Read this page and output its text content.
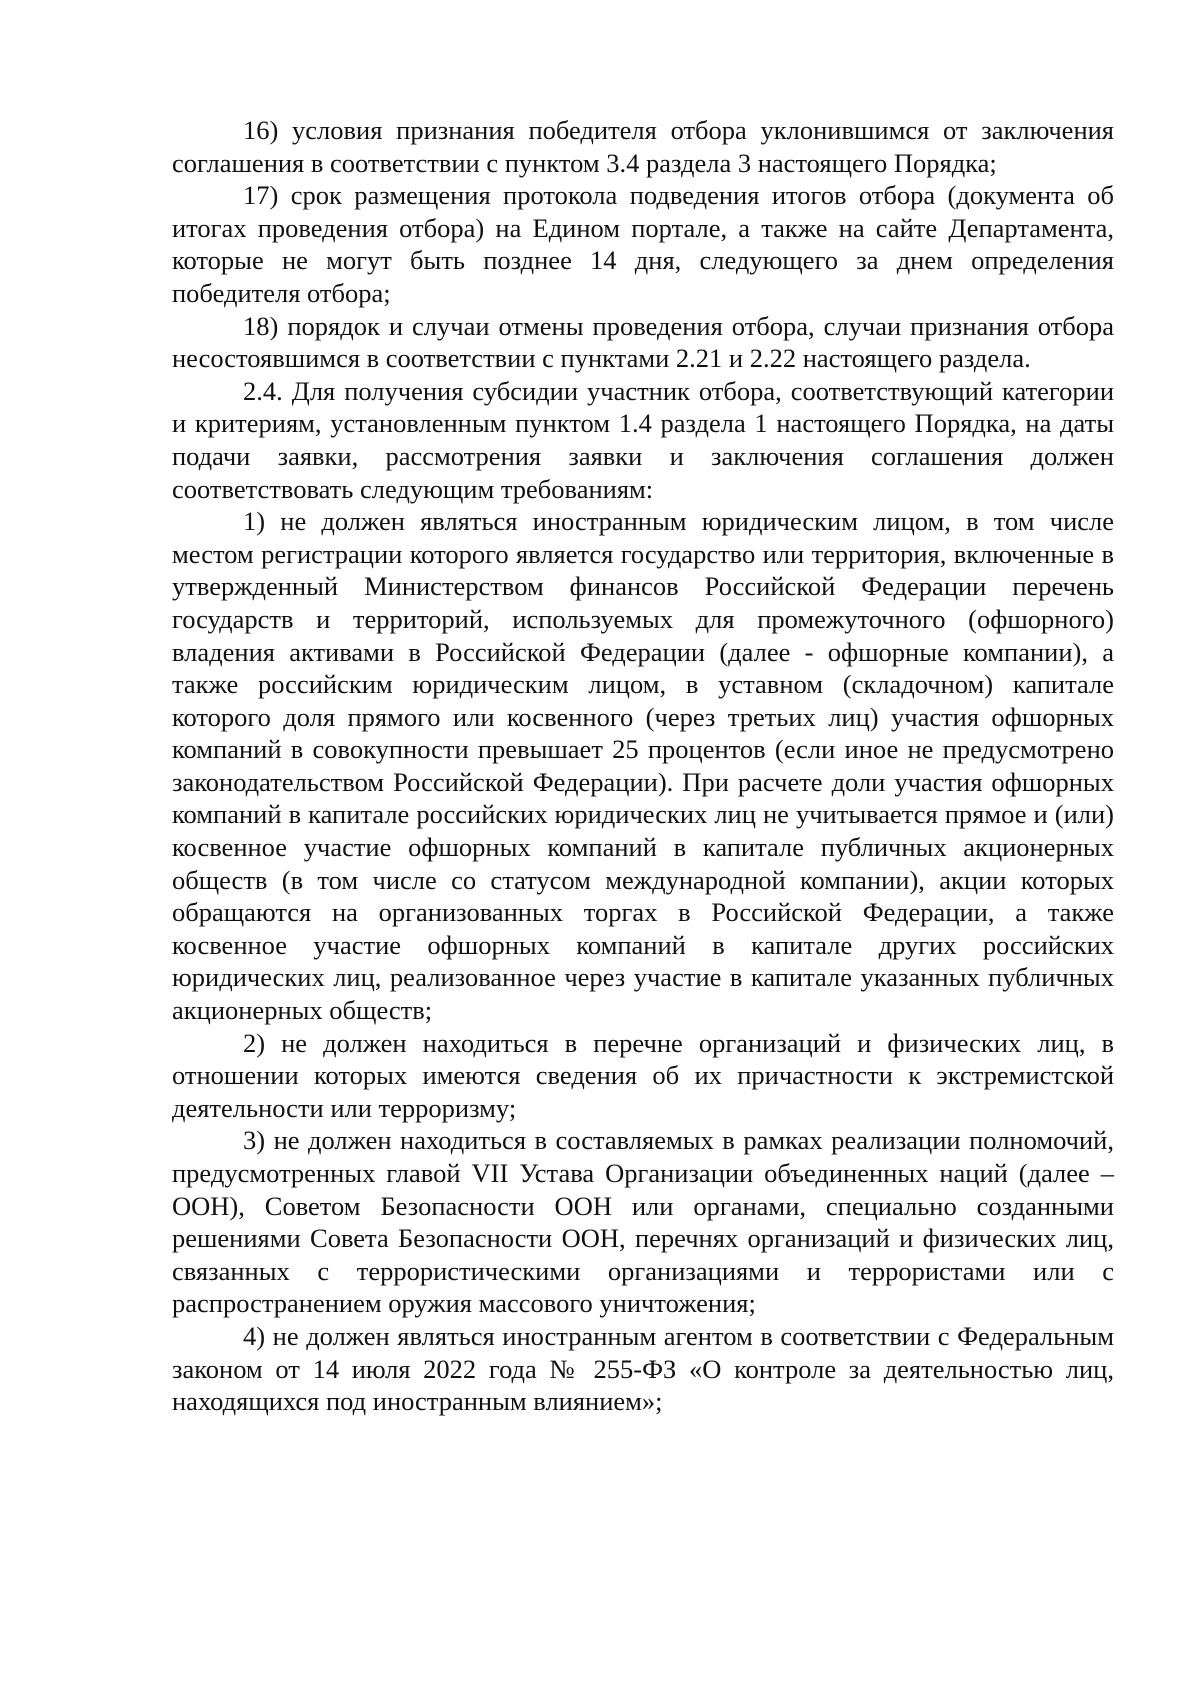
16) условия признания победителя отбора уклонившимся от заключения соглашения в соответствии с пунктом 3.4 раздела 3 настоящего Порядка;

17) срок размещения протокола подведения итогов отбора (документа об итогах проведения отбора) на Едином портале, а также на сайте Департамента, которые не могут быть позднее 14 дня, следующего за днем определения победителя отбора;

18) порядок и случаи отмены проведения отбора, случаи признания отбора несостоявшимся в соответствии с пунктами 2.21 и 2.22 настоящего раздела.

2.4. Для получения субсидии участник отбора, соответствующий категории и критериям, установленным пунктом 1.4 раздела 1 настоящего Порядка, на даты подачи заявки, рассмотрения заявки и заключения соглашения должен соответствовать следующим требованиям:

1) не должен являться иностранным юридическим лицом, в том числе местом регистрации которого является государство или территория, включенные в утвержденный Министерством финансов Российской Федерации перечень государств и территорий, используемых для промежуточного (офшорного) владения активами в Российской Федерации (далее - офшорные компании), а также российским юридическим лицом, в уставном (складочном) капитале которого доля прямого или косвенного (через третьих лиц) участия офшорных компаний в совокупности превышает 25 процентов (если иное не предусмотрено законодательством Российской Федерации). При расчете доли участия офшорных компаний в капитале российских юридических лиц не учитывается прямое и (или) косвенное участие офшорных компаний в капитале публичных акционерных обществ (в том числе со статусом международной компании), акции которых обращаются на организованных торгах в Российской Федерации, а также косвенное участие офшорных компаний в капитале других российских юридических лиц, реализованное через участие в капитале указанных публичных акционерных обществ;

2) не должен находиться в перечне организаций и физических лиц, в отношении которых имеются сведения об их причастности к экстремистской деятельности или терроризму;

3) не должен находиться в составляемых в рамках реализации полномочий, предусмотренных главой VII Устава Организации объединенных наций (далее – ООН), Советом Безопасности ООН или органами, специально созданными решениями Совета Безопасности ООН, перечнях организаций и физических лиц, связанных с террористическими организациями и террористами или с распространением оружия массового уничтожения;

4) не должен являться иностранным агентом в соответствии с Федеральным законом от 14 июля 2022 года № 255-ФЗ «О контроле за деятельностью лиц, находящихся под иностранным влиянием»;
